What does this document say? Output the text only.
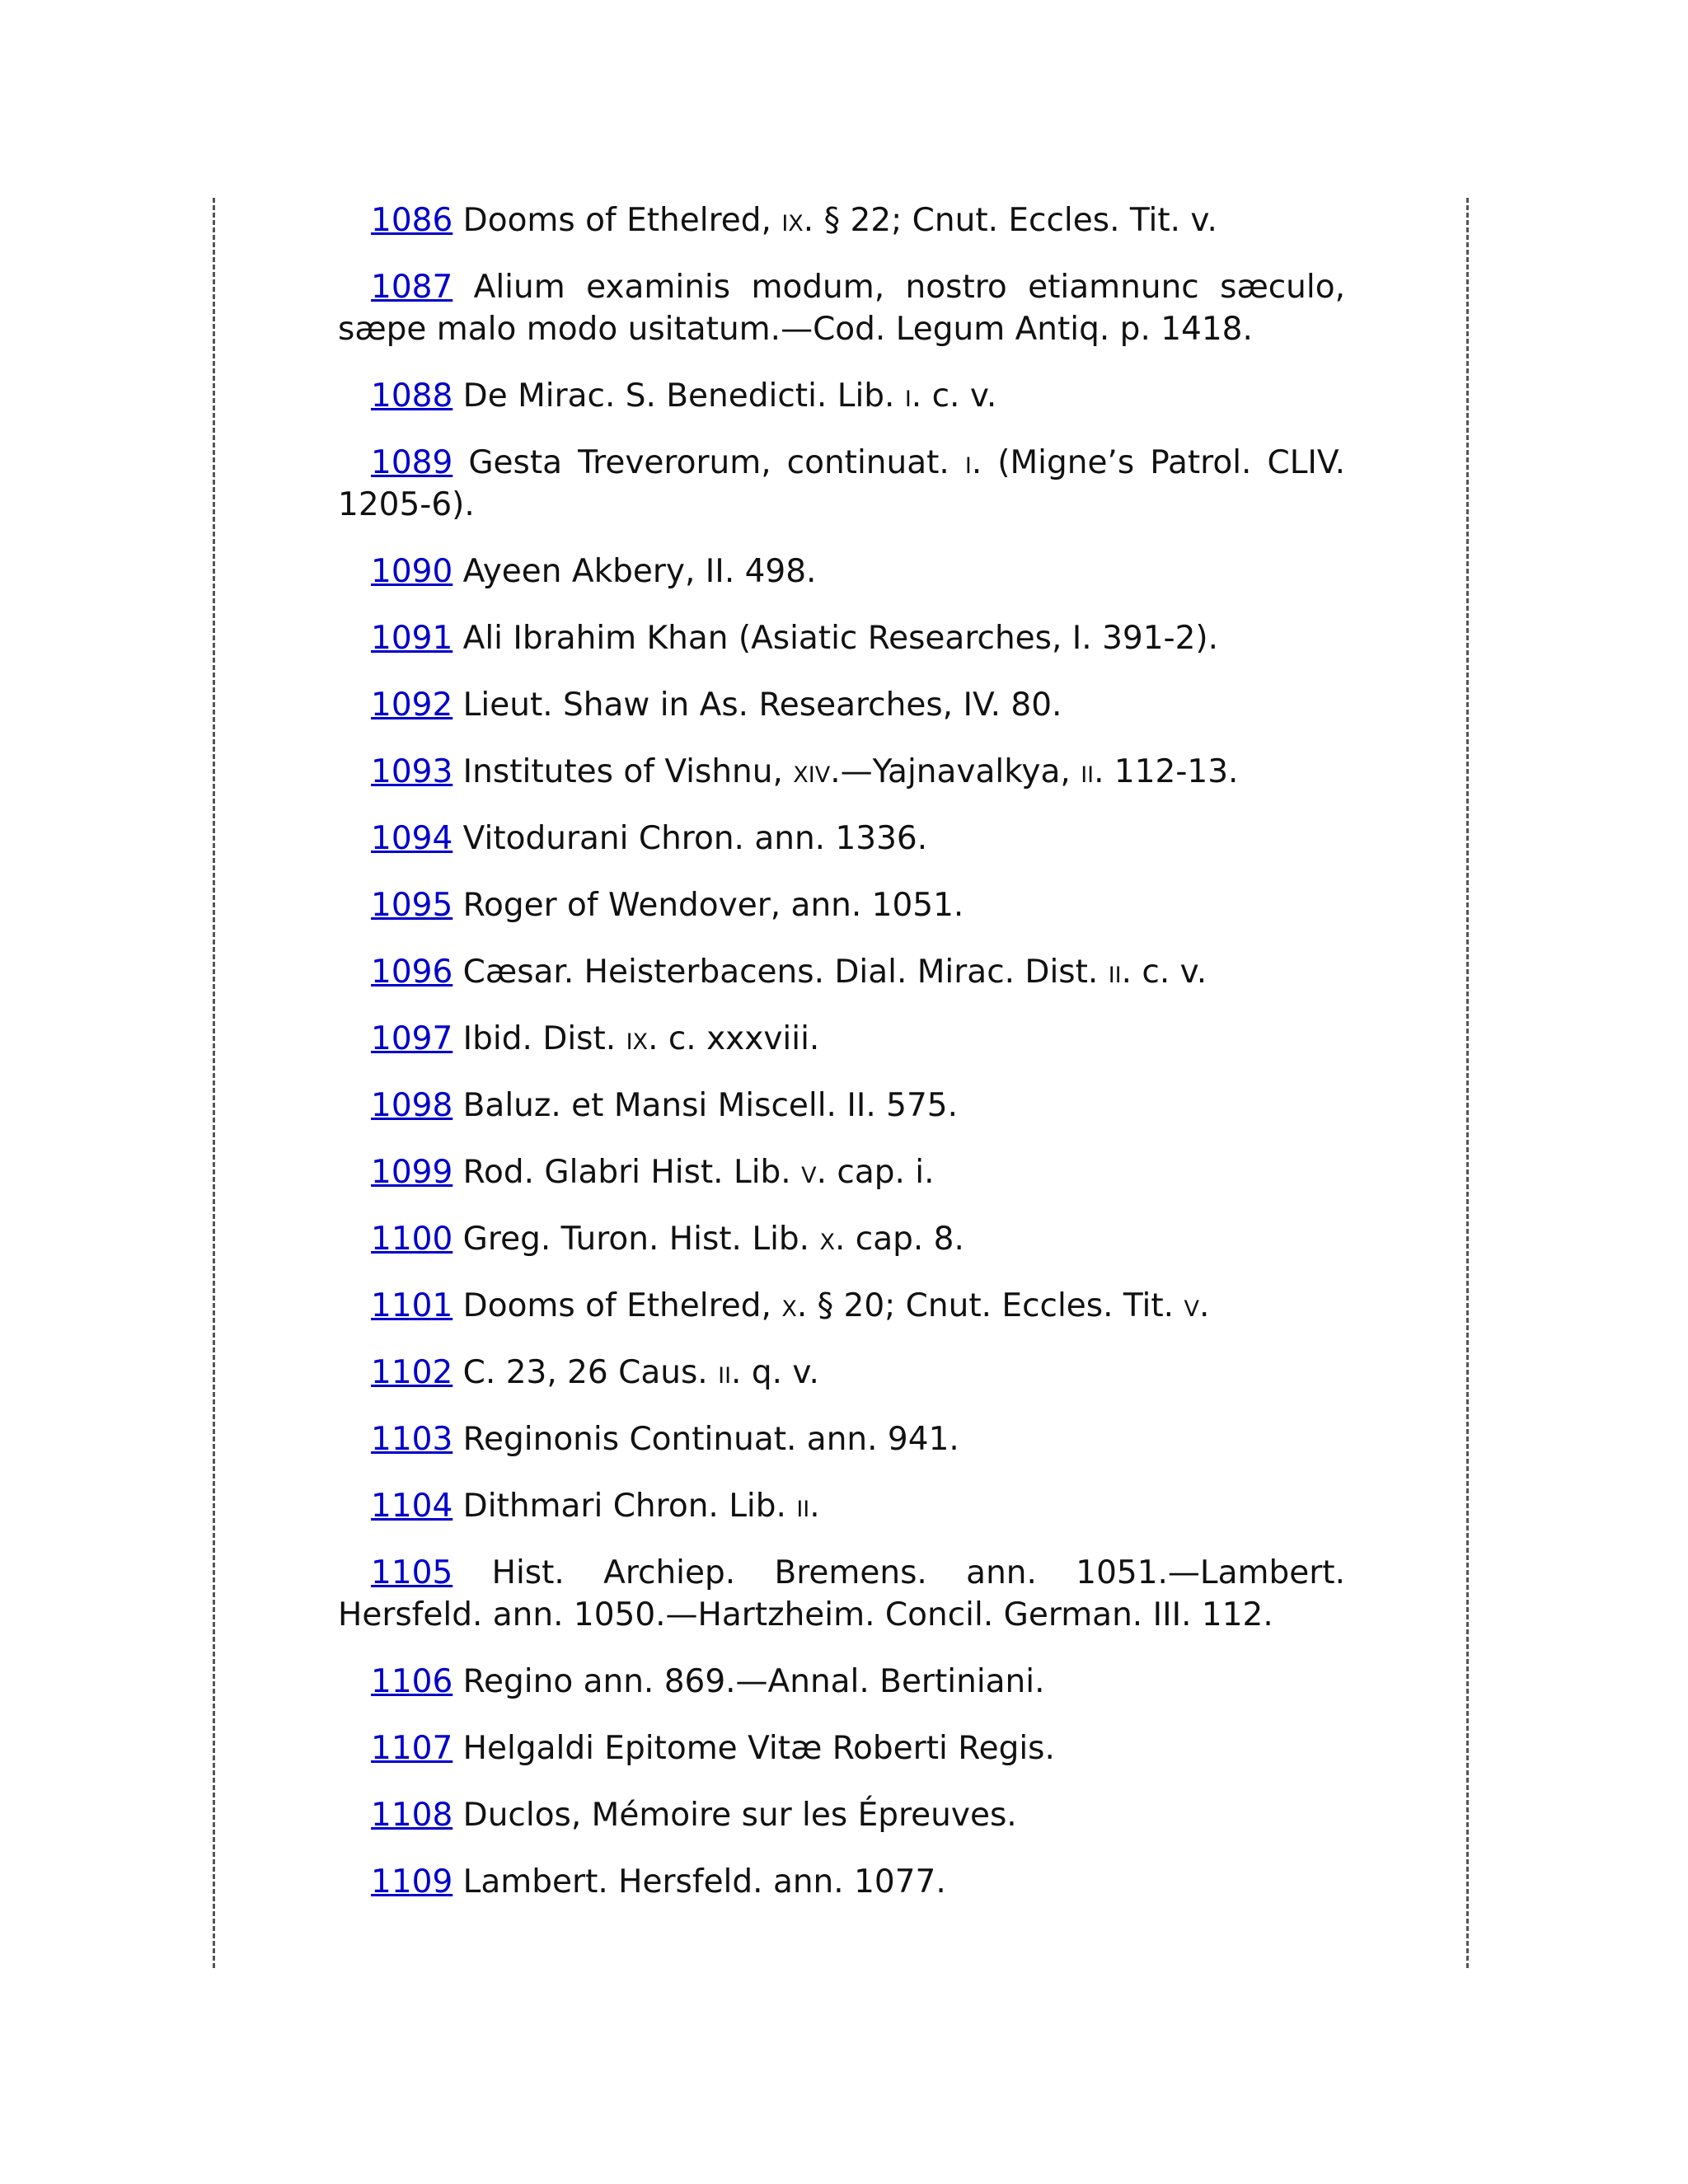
1086 Dooms of Ethelred, ix. § 22; Cnut. Eccles. Tit. v.

1087 Alium examinis modum, nostro etiamnunc sæculo, sæpe malo modo usitatum.—Cod. Legum Antiq. p. 1418.

1088 De Mirac. S. Benedicti. Lib. i. c. v.

1089 Gesta Treverorum, continuat. i. (Migne’s Patrol. CLIV. 1205-6).

1090 Ayeen Akbery, II. 498.

1091 Ali Ibrahim Khan (Asiatic Researches, I. 391-2).

1092 Lieut. Shaw in As. Researches, IV. 80.

1093 Institutes of Vishnu, xiv.—Yajnavalkya, ii. 112-13.

1094 Vitodurani Chron. ann. 1336.

1095 Roger of Wendover, ann. 1051.

1096 Cæsar. Heisterbacens. Dial. Mirac. Dist. ii. c. v.

1097 Ibid. Dist. ix. c. xxxviii.

1098 Baluz. et Mansi Miscell. II. 575.

1099 Rod. Glabri Hist. Lib. v. cap. i.

1100 Greg. Turon. Hist. Lib. x. cap. 8.

1101 Dooms of Ethelred, x. § 20; Cnut. Eccles. Tit. v.

1102 C. 23, 26 Caus. ii. q. v.

1103 Reginonis Continuat. ann. 941.

1104 Dithmari Chron. Lib. ii.

1105 Hist. Archiep. Bremens. ann. 1051.—Lambert. Hersfeld. ann. 1050.—Hartzheim. Concil. German. III. 112.

1106 Regino ann. 869.—Annal. Bertiniani.

1107 Helgaldi Epitome Vitæ Roberti Regis.

1108 Duclos, Mémoire sur les Épreuves.

1109 Lambert. Hersfeld. ann. 1077.
